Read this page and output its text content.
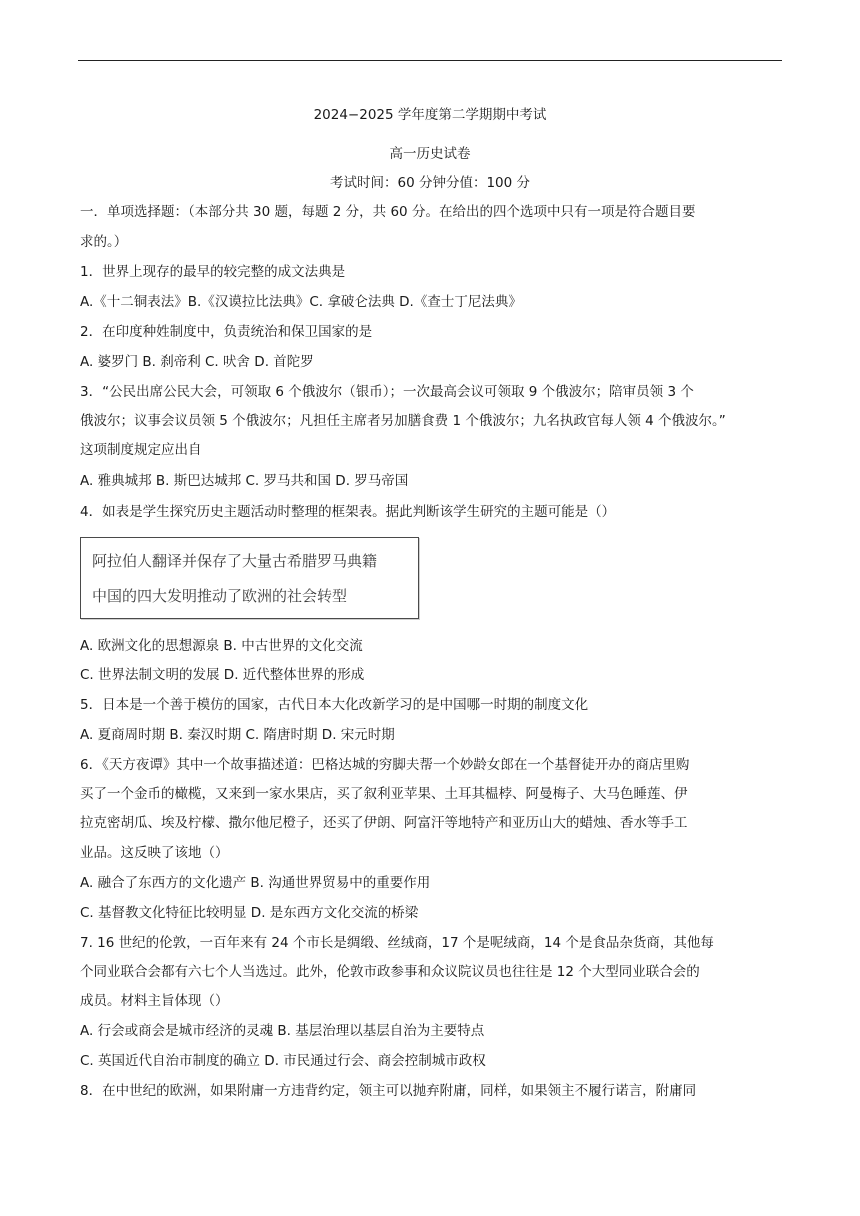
2024−2025 学年度第二学期期中考试
高一历史试卷
考试时间：60 分钟分值：100 分
一．单项选择题：（本部分共 30 题，每题 2 分，共 60 分。在给出的四个选项中只有一项是符合题目要
求的。）
1．世界上现存的最早的较完整的成文法典是
A.《十二铜表法》B.《汉谟拉比法典》C. 拿破仑法典 D.《查士丁尼法典》
2．在印度种姓制度中，负责统治和保卫国家的是
A. 婆罗门 B. 刹帝利 C. 吠舍 D. 首陀罗
3．“公民出席公民大会，可领取 6 个俄波尔（银币）；一次最高会议可领取 9 个俄波尔；陪审员领 3 个
俄波尔；议事会议员领 5 个俄波尔；凡担任主席者另加膳食费 1 个俄波尔；九名执政官每人领 4 个俄波尔。”
这项制度规定应出自
A. 雅典城邦 B. 斯巴达城邦 C. 罗马共和国 D. 罗马帝国
4．如表是学生探究历史主题活动时整理的框架表。据此判断该学生研究的主题可能是（）
阿拉伯人翻译并保存了大量古希腊罗马典籍
中国的四大发明推动了欧洲的社会转型
A. 欧洲文化的思想源泉 B. 中古世界的文化交流
C. 世界法制文明的发展 D. 近代整体世界的形成
5．日本是一个善于模仿的国家，古代日本大化改新学习的是中国哪一时期的制度文化
A. 夏商周时期 B. 秦汉时期 C. 隋唐时期 D. 宋元时期
6．《天方夜谭》其中一个故事描述道：巴格达城的穷脚夫帮一个妙龄女郎在一个基督徒开办的商店里购
买了一个金币的橄榄，又来到一家水果店，买了叙利亚苹果、土耳其榅桲、阿曼梅子、大马色睡莲、伊
拉克密胡瓜、埃及柠檬、撒尔他尼橙子，还买了伊朗、阿富汗等地特产和亚历山大的蜡烛、香水等手工
业品。这反映了该地（）
A. 融合了东西方的文化遗产 B. 沟通世界贸易中的重要作用
C. 基督教文化特征比较明显 D. 是东西方文化交流的桥梁
7. 16 世纪的伦敦，一百年来有 24 个市长是绸缎、丝绒商，17 个是呢绒商，14 个是食品杂货商，其他每
个同业联合会都有六七个人当选过。此外，伦敦市政参事和众议院议员也往往是 12 个大型同业联合会的
成员。材料主旨体现（）
A. 行会或商会是城市经济的灵魂 B. 基层治理以基层自治为主要特点
C. 英国近代自治市制度的确立 D. 市民通过行会、商会控制城市政权
8．在中世纪的欧洲，如果附庸一方违背约定，领主可以抛弃附庸，同样，如果领主不履行诺言，附庸同
